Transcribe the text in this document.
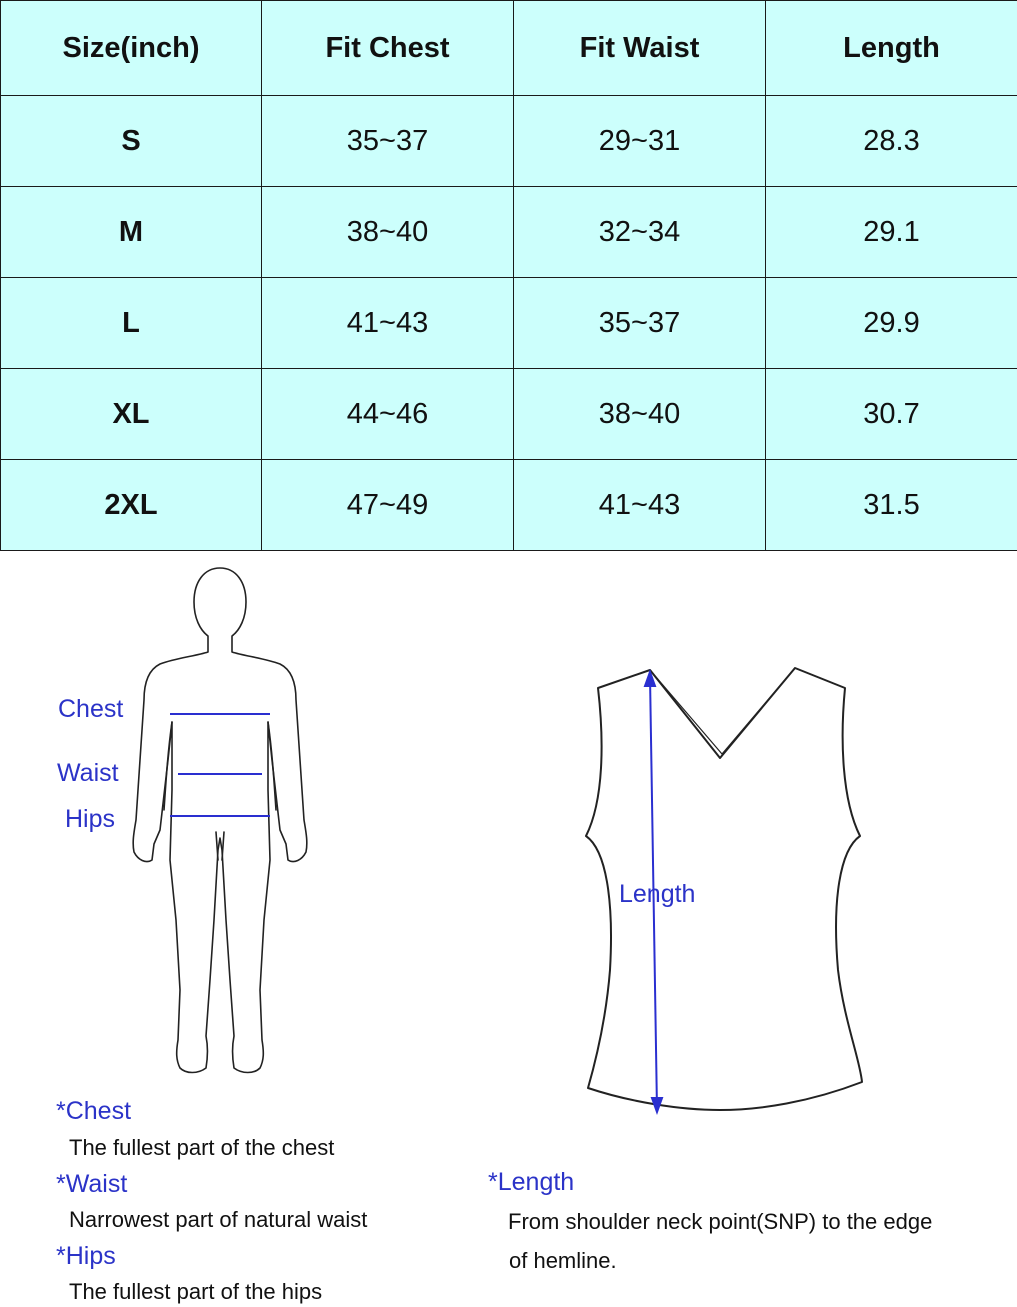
Size(inch)	Fit Chest	Fit Waist	Length
S	35~37	29~31	28.3
M	38~40	32~34	29.1
L	41~43	35~37	29.9
XL	44~46	38~40	30.7
2XL	47~49	41~43	31.5
Chest
Waist
Hips
Length
*Chest
The fullest part of the chest
*Waist
Narrowest part of natural waist
*Hips
The fullest part of the hips
*Length
From shoulder neck point(SNP) to the edge
of hemline.
